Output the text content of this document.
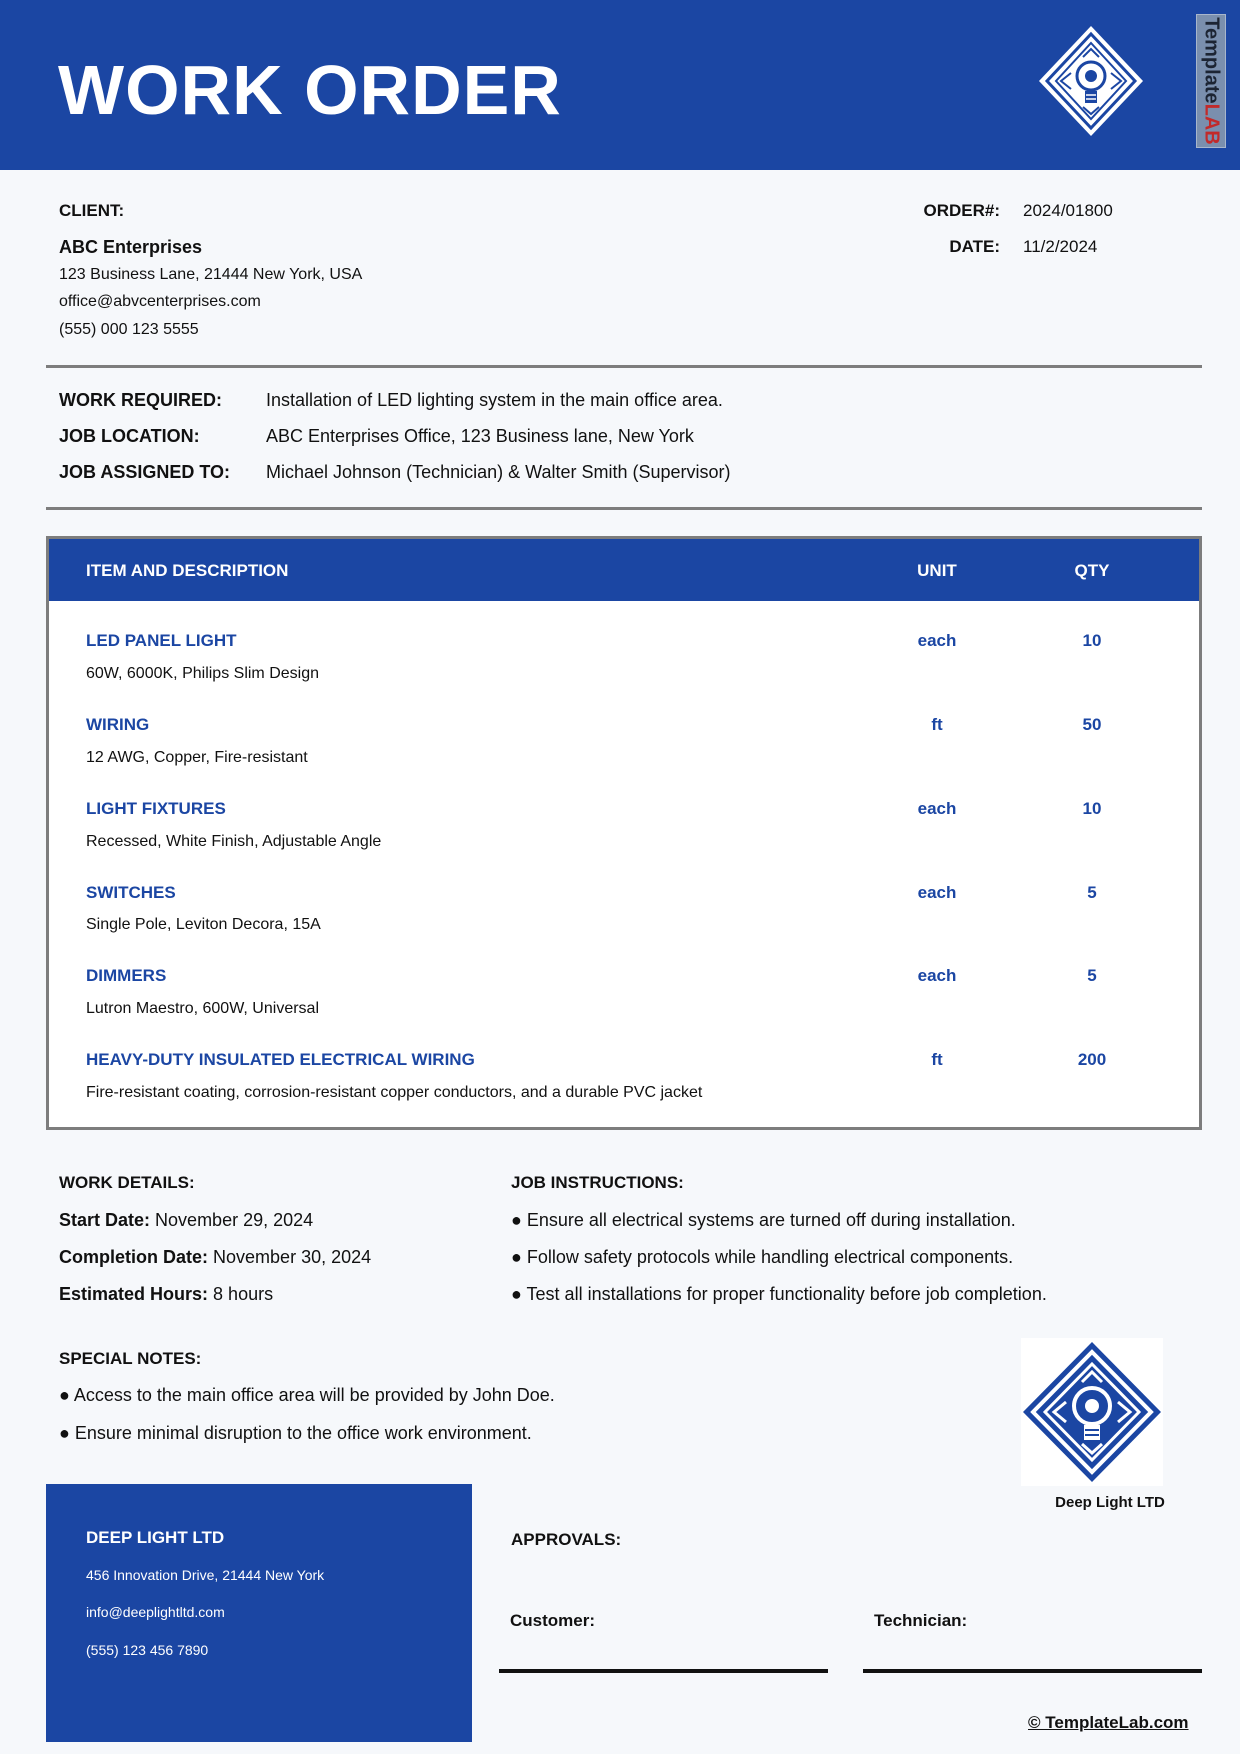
WORK ORDER	TemplateLAB
CLIENT:
ABC Enterprises
123 Business Lane, 21444 New York, USA
office@abvcenterprises.com
(555) 000 123 5555
ORDER#: 2024/01800
DATE: 11/2/2024
WORK REQUIRED: Installation of LED lighting system in the main office area.
JOB LOCATION:	ABC Enterprises Office, 123 Business lane, New York
JOB ASSIGNED TO: Michael Johnson (Technician) & Walter Smith (Supervisor)
ITEM AND DESCRIPTION	UNIT	QTY
LED PANEL LIGHT
60W, 6000K, Philips Slim Design
each	10
WIRING
12 AWG, Copper, Fire-resistant
ft	50
LIGHT FIXTURES
Recessed, White Finish, Adjustable Angle
each	10
SWITCHES
Single Pole, Leviton Decora, 15A
each	5
DIMMERS
Lutron Maestro, 600W, Universal
each	5
HEAVY-DUTY INSULATED ELECTRICAL WIRING
Fire-resistant coating, corrosion-resistant copper conductors, and a durable PVC jacket
ft	200
WORK DETAILS:
Start Date: November 29, 2024
Completion Date: November 30, 2024
Estimated Hours: 8 hours
JOB INSTRUCTIONS:
● Ensure all electrical systems are turned off during installation.
● Follow safety protocols while handling electrical components.
● Test all installations for proper functionality before job completion.
SPECIAL NOTES:
● Access to the main office area will be provided by John Doe.
● Ensure minimal disruption to the office work environment.
Deep Light LTD
DEEP LIGHT LTD
456 Innovation Drive, 21444 New York
info@deeplightltd.com
(555) 123 456 7890
APPROVALS:
Customer:	Technician:
© TemplateLab.com
